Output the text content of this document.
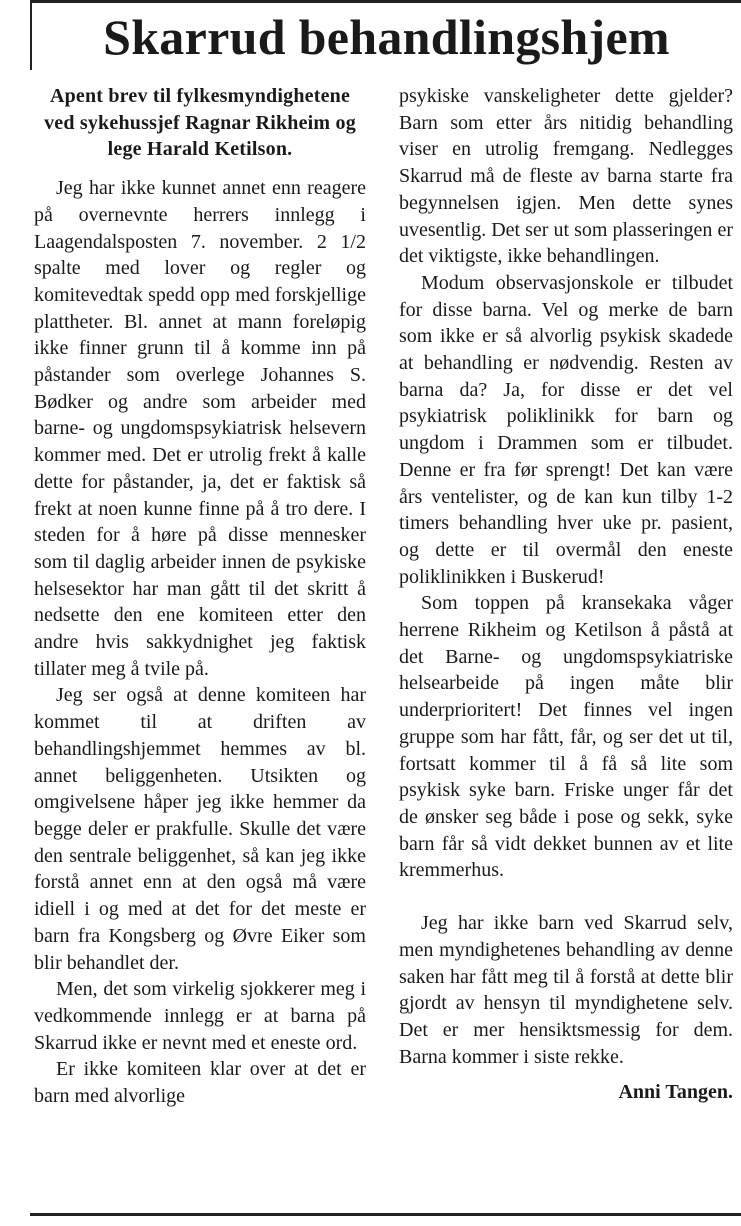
Skarrud behandlingshjem

Apent brev til fylkesmyndighetene ved sykehussjef Ragnar Rikheim og lege Harald Ketilson.

Jeg har ikke kunnet annet enn reagere på overnevnte herrers innlegg i Laagendalsposten 7. november. 2 1/2 spalte med lover og regler og komitevedtak spedd opp med forskjellige plattheter. Bl. annet at mann foreløpig ikke finner grunn til å komme inn på påstander som overlege Johannes S. Bødker og andre som arbeider med barne- og ungdomspsykiatrisk helsevern kommer med. Det er utrolig frekt å kalle dette for påstander, ja, det er faktisk så frekt at noen kunne finne på å tro dere. I steden for å høre på disse mennesker som til daglig arbeider innen de psykiske helsesektor har man gått til det skritt å nedsette den ene komiteen etter den andre hvis sakkydnighet jeg faktisk tillater meg å tvile på.

Jeg ser også at denne komiteen har kommet til at driften av behandlingshjemmet hemmes av bl. annet beliggenheten. Utsikten og omgivelsene håper jeg ikke hemmer da begge deler er prakfulle. Skulle det være den sentrale beliggenhet, så kan jeg ikke forstå annet enn at den også må være idiell i og med at det for det meste er barn fra Kongsberg og Øvre Eiker som blir behandlet der.

Men, det som virkelig sjokkerer meg i vedkommende innlegg er at barna på Skarrud ikke er nevnt med et eneste ord.

Er ikke komiteen klar over at det er barn med alvorlige

psykiske vanskeligheter dette gjelder? Barn som etter års nitidig behandling viser en utrolig fremgang. Nedlegges Skarrud må de fleste av barna starte fra begynnelsen igjen. Men dette synes uvesentlig. Det ser ut som plasseringen er det viktigste, ikke behandlingen.

Modum observasjonskole er tilbudet for disse barna. Vel og merke de barn som ikke er så alvorlig psykisk skadede at behandling er nødvendig. Resten av barna da? Ja, for disse er det vel psykiatrisk poliklinikk for barn og ungdom i Drammen som er tilbudet. Denne er fra før sprengt! Det kan være års ventelister, og de kan kun tilby 1-2 timers behandling hver uke pr. pasient, og dette er til overmål den eneste poliklinikken i Buskerud!

Som toppen på kransekaka våger herrene Rikheim og Ketilson å påstå at det Barne- og ungdomspsykiatriske helsearbeide på ingen måte blir underprioritert! Det finnes vel ingen gruppe som har fått, får, og ser det ut til, fortsatt kommer til å få så lite som psykisk syke barn. Friske unger får det de ønsker seg både i pose og sekk, syke barn får så vidt dekket bunnen av et lite kremmerhus.

Jeg har ikke barn ved Skarrud selv, men myndighetenes behandling av denne saken har fått meg til å forstå at dette blir gjordt av hensyn til myndighetene selv. Det er mer hensiktsmessig for dem. Barna kommer i siste rekke.

Anni Tangen.
